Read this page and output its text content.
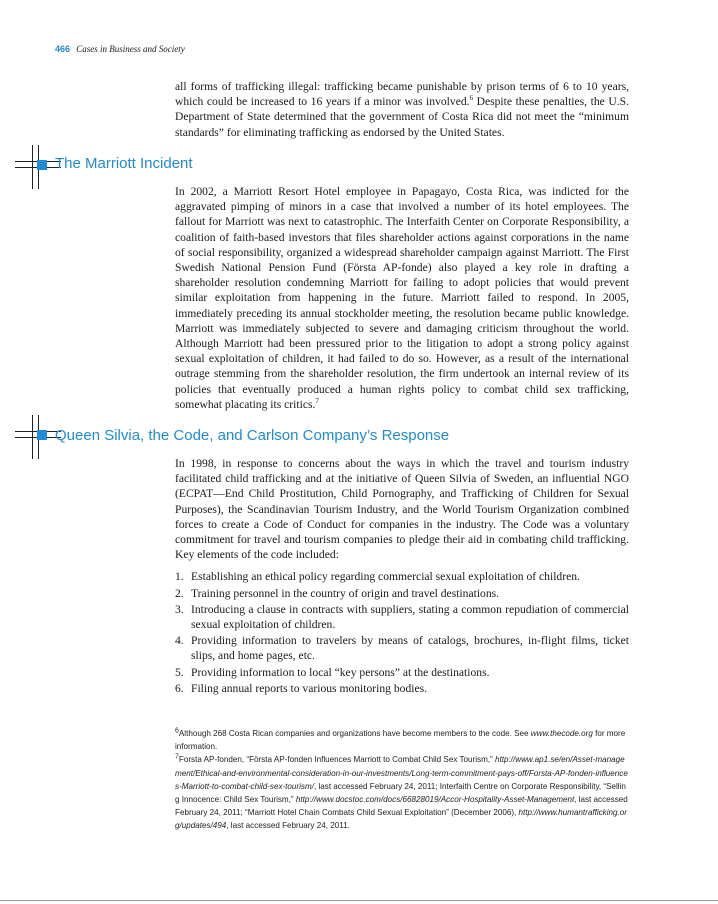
466 Cases in Business and Society
all forms of trafficking illegal: trafficking became punishable by prison terms of 6 to 10 years, which could be increased to 16 years if a minor was involved.$^6$ Despite these penalties, the U.S. Department of State determined that the government of Costa Rica did not meet the “minimum standards” for eliminating trafficking as endorsed by the United States.
The Marriott Incident
In 2002, a Marriott Resort Hotel employee in Papagayo, Costa Rica, was indicted for the aggravated pimping of minors in a case that involved a number of its hotel employees. The fallout for Marriott was next to catastrophic. The Interfaith Center on Corporate Responsibility, a coalition of faith-based investors that files shareholder actions against corporations in the name of social responsibility, organized a widespread shareholder campaign against Marriott. The First Swedish National Pension Fund (Första AP-fonde) also played a key role in drafting a shareholder resolution condemning Marriott for failing to adopt policies that would prevent similar exploitation from happening in the future. Marriott failed to respond. In 2005, immediately preceding its annual stockholder meeting, the resolution became public knowledge. Marriott was immediately subjected to severe and damaging criticism throughout the world. Although Marriott had been pressured prior to the litigation to adopt a strong policy against sexual exploitation of children, it had failed to do so. However, as a result of the international outrage stemming from the shareholder resolution, the firm undertook an internal review of its policies that eventually produced a human rights policy to combat child sex trafficking, somewhat placating its critics.$^7$
Queen Silvia, the Code, and Carlson Company’s Response
In 1998, in response to concerns about the ways in which the travel and tourism industry facilitated child trafficking and at the initiative of Queen Silvia of Sweden, an influential NGO (ECPAT—End Child Prostitution, Child Pornography, and Trafficking of Children for Sexual Purposes), the Scandinavian Tourism Industry, and the World Tourism Organization combined forces to create a Code of Conduct for companies in the industry. The Code was a voluntary commitment for travel and tourism companies to pledge their aid in combating child trafficking. Key elements of the code included:
1. Establishing an ethical policy regarding commercial sexual exploitation of children.
2. Training personnel in the country of origin and travel destinations.
3. Introducing a clause in contracts with suppliers, stating a common repudiation of commercial sexual exploitation of children.
4. Providing information to travelers by means of catalogs, brochures, in-flight films, ticket slips, and home pages, etc.
5. Providing information to local “key persons” at the destinations.
6. Filing annual reports to various monitoring bodies.
$^6$Although 268 Costa Rican companies and organizations have become members to the code. See www.thecode.org for more information.
$^7$Forsta AP-fonden, “Första AP-fonden Influences Marriott to Combat Child Sex Tourism,” http://www.ap1.se/en/Asset-management/Ethical-and-environmental-consideration-in-our-investments/Long-term-commitment-pays-off/Forsta-AP-fonden-influences-Marriott-to-combat-child-sex-tourism/, last accessed February 24, 2011; Interfaith Centre on Corporate Responsibility, “Selling Innocence: Child Sex Tourism,” http://www.docstoc.com/docs/66828019/Accor-Hospitality-Asset-Management, last accessed February 24, 2011; “Marriott Hotel Chain Combats Child Sexual Exploitation” (December 2006), http://www.humantrafficking.org/updates/494, last accessed February 24, 2011.
